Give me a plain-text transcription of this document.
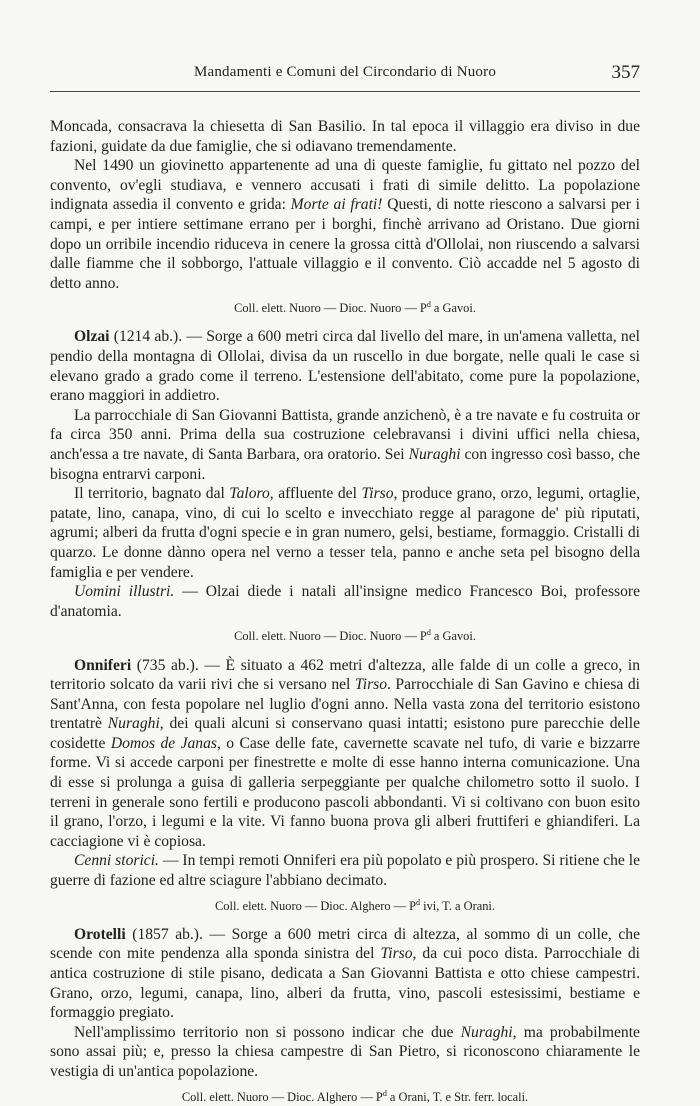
Mandamenti e Comuni del Circondario di Nuoro	357

Moncada, consacrava la chiesetta di San Basilio. In tal epoca il villaggio era diviso in due fazioni, guidate da due famiglie, che si odiavano tremendamente.

Nel 1490 un giovinetto appartenente ad una di queste famiglie, fu gittato nel pozzo del convento, ov'egli studiava, e vennero accusati i frati di simile delitto. La popolazione indignata assedia il convento e grida: Morte ai frati! Questi, di notte riescono a salvarsi per i campi, e per intiere settimane errano per i borghi, finchè arrivano ad Oristano. Due giorni dopo un orribile incendio riduceva in cenere la grossa città d'Ollolai, non riuscendo a salvarsi dalle fiamme che il sobborgo, l'attuale villaggio e il convento. Ciò accadde nel 5 agosto di detto anno.

Coll. elett. Nuoro — Dioc. Nuoro — $P^d$ a Gavoi.

Olzai (1214 ab.). — Sorge a 600 metri circa dal livello del mare, in un'amena valletta, nel pendio della montagna di Ollolai, divisa da un ruscello in due borgate, nelle quali le case si elevano grado a grado come il terreno. L'estensione dell'abitato, come pure la popolazione, erano maggiori in addietro.

La parrocchiale di San Giovanni Battista, grande anzichenò, è a tre navate e fu costruita or fa circa 350 anni. Prima della sua costruzione celebravansi i divini uffici nella chiesa, anch'essa a tre navate, di Santa Barbara, ora oratorio. Sei Nuraghi con ingresso così basso, che bisogna entrarvi carponi.

Il territorio, bagnato dal Taloro, affluente del Tirso, produce grano, orzo, legumi, ortaglie, patate, lino, canapa, vino, di cui lo scelto e invecchiato regge al paragone de' più riputati, agrumi; alberi da frutta d'ogni specie e in gran numero, gelsi, bestiame, formaggio. Cristalli di quarzo. Le donne dànno opera nel verno a tesser tela, panno e anche seta pel bisogno della famiglia e per vendere.

Uomini illustri. — Olzai diede i natali all'insigne medico Francesco Boi, professore d'anatomia.

Coll. elett. Nuoro — Dioc. Nuoro — $P^d$ a Gavoi.

Onniferi (735 ab.). — È situato a 462 metri d'altezza, alle falde di un colle a greco, in territorio solcato da varii rivi che si versano nel Tirso. Parrocchiale di San Gavino e chiesa di Sant'Anna, con festa popolare nel luglio d'ogni anno. Nella vasta zona del territorio esistono trentatrè Nuraghi, dei quali alcuni si conservano quasi intatti; esistono pure parecchie delle cosidette Domos de Janas, o Case delle fate, cavernette scavate nel tufo, di varie e bizzarre forme. Vi si accede carponi per finestrette e molte di esse hanno interna comunicazione. Una di esse si prolunga a guisa di galleria serpeggiante per qualche chilometro sotto il suolo. I terreni in generale sono fertili e producono pascoli abbondanti. Vi si coltivano con buon esito il grano, l'orzo, i legumi e la vite. Vi fanno buona prova gli alberi fruttiferi e ghiandiferi. La cacciagione vi è copiosa.

Cenni storici. — In tempi remoti Onniferi era più popolato e più prospero. Si ritiene che le guerre di fazione ed altre sciagure l'abbiano decimato.

Coll. elett. Nuoro — Dioc. Alghero — $P^d$ ivi, T. a Orani.

Orotelli (1857 ab.). — Sorge a 600 metri circa di altezza, al sommo di un colle, che scende con mite pendenza alla sponda sinistra del Tirso, da cui poco dista. Parrocchiale di antica costruzione di stile pisano, dedicata a San Giovanni Battista e otto chiese campestri. Grano, orzo, legumi, canapa, lino, alberi da frutta, vino, pascoli estesissimi, bestiame e formaggio pregiato.

Nell'amplissimo territorio non si possono indicar che due Nuraghi, ma probabilmente sono assai più; e, presso la chiesa campestre di San Pietro, si riconoscono chiaramente le vestigia di un'antica popolazione.

Coll. elett. Nuoro — Dioc. Alghero — $P^d$ a Orani, T. e Str. ferr. locali.
